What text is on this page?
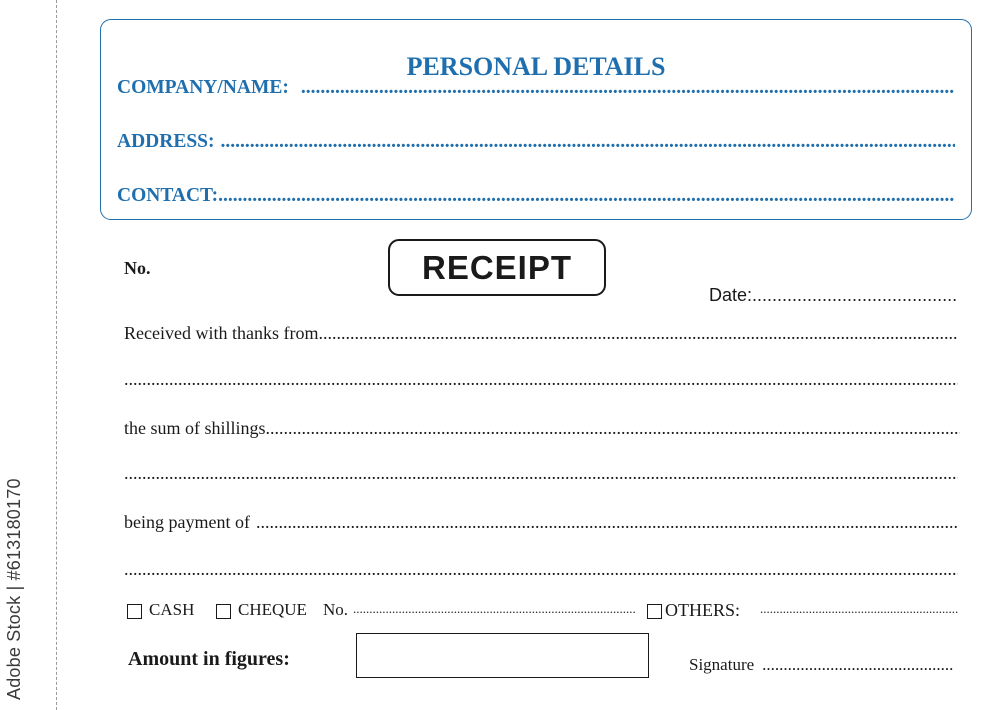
Adobe Stock | #613180170
PERSONAL DETAILS
COMPANY/NAME:
.....
ADDRESS:
.....
CONTACT:
.....
No.	RECEIPT
Date:
.....
Received with thanks from
.....
.....
the sum of shillings
.....
.....
being payment of
.....
.....
CASH	CHEQUE No.
.....	OTHERS:
.....
Amount in figures:	Signature
.....
